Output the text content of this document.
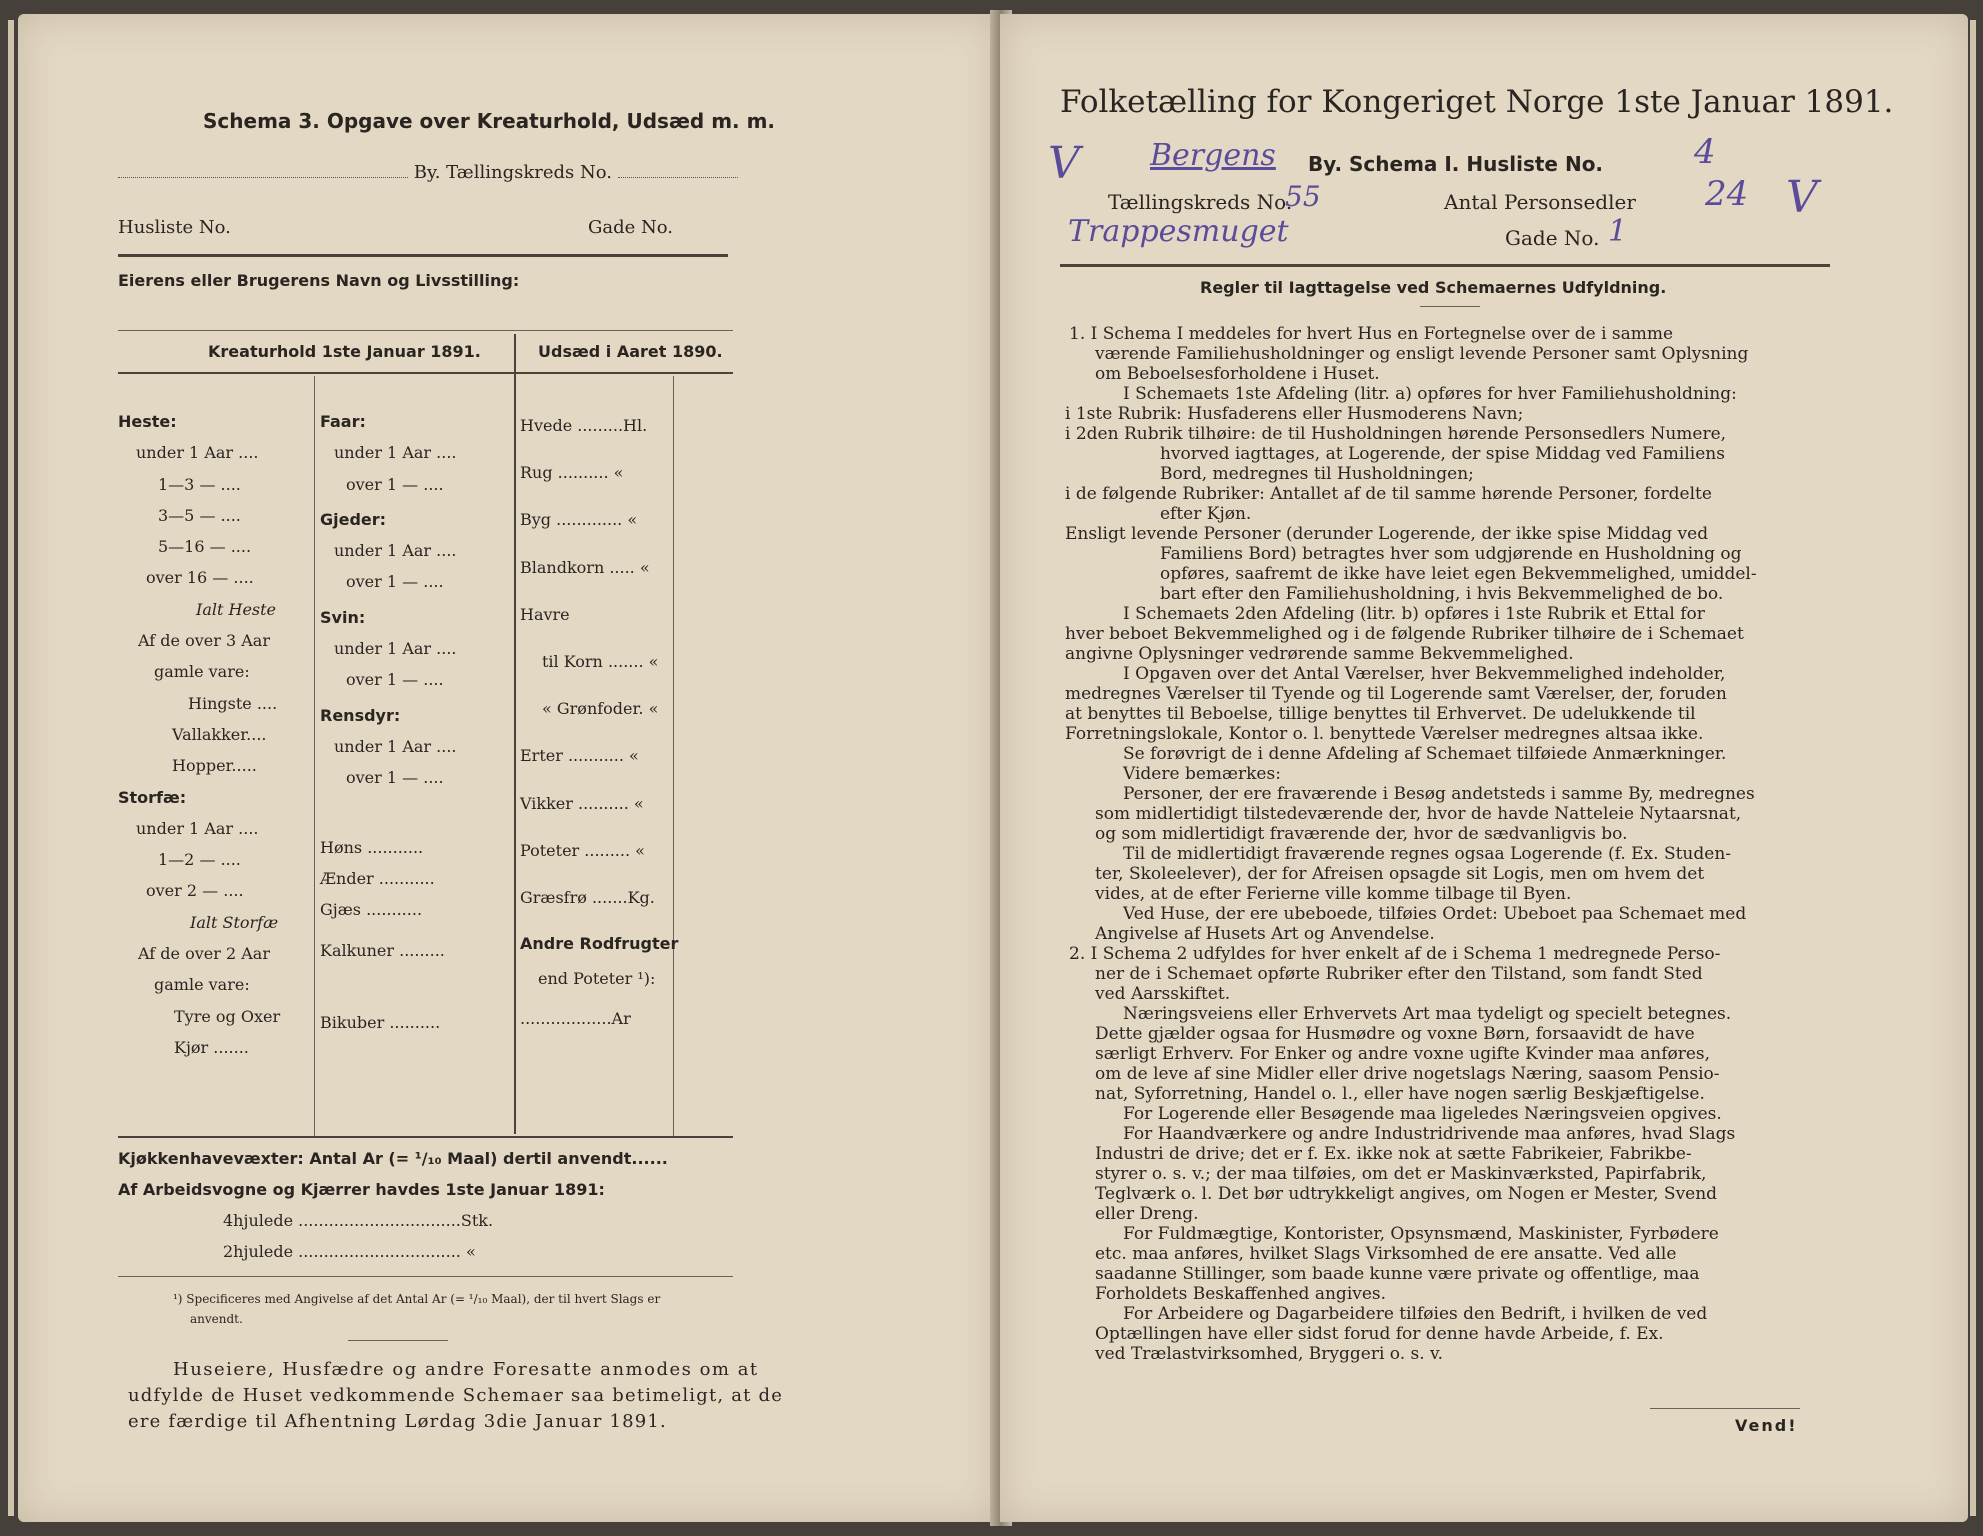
Schema 3. Opgave over Kreaturhold, Udsæd m. m.
By. Tællingskreds No.
Husliste No.	Gade No.
Eierens eller Brugerens Navn og Livsstilling:
Kreaturhold 1ste Januar 1891.	Udsæd i Aaret 1890.
Heste:
under 1 Aar ....
1—3 — ....
3—5 — ....
5—16 — ....
over 16 — ....
Ialt Heste
Af de over 3 Aar
gamle vare:
Hingste ....
Vallakker....
Hopper.....
Storfæ:
under 1 Aar ....
1—2 — ....
over 2 — ....
Ialt Storfæ
Af de over 2 Aar
gamle vare:
Tyre og Oxer
Kjør .......
Faar:
under 1 Aar ....
over 1 — ....
Gjeder:
under 1 Aar ....
over 1 — ....
Svin:
under 1 Aar ....
over 1 — ....
Rensdyr:
under 1 Aar ....
over 1 — ....
Høns ...........
Ænder ...........
Gjæs ...........
Kalkuner .........
Bikuber ..........
Hvede .........Hl.
Rug .......... «
Byg ............. «
Blandkorn ..... «
Havre
til Korn ....... «
« Grønfoder. «
Erter ........... «
Vikker .......... «
Poteter ......... «
Græsfrø .......Kg.
Andre Rodfrugter
end Poteter ¹):
..................Ar
Kjøkkenhavevæxter: Antal Ar (= ¹/₁₀ Maal) dertil anvendt......
Af Arbeidsvogne og Kjærrer havdes 1ste Januar 1891:
4hjulede ................................Stk.
2hjulede ................................ «
¹) Specificeres med Angivelse af det Antal Ar (= ¹/₁₀ Maal), der til hvert Slags er
anvendt.
Huseiere, Husfædre og andre Foresatte anmodes om at
udfylde de Huset vedkommende Schemaer saa betimeligt, at de
ere færdige til Afhentning Lørdag 3die Januar 1891.
Folketælling for Kongeriget Norge 1ste Januar 1891.
V Bergens By. Schema I. Husliste No.	4
Tællingskreds No.
55	Antal Personsedler 24 V
Trappesmuget	Gade No. 1
Regler til Iagttagelse ved Schemaernes Udfyldning.
1. I Schema I meddeles for hvert Hus en Fortegnelse over de i samme
værende Familiehusholdninger og ensligt levende Personer samt Oplysning
om Beboelsesforholdene i Huset.
I Schemaets 1ste Afdeling (litr. a) opføres for hver Familiehusholdning:
i 1ste Rubrik: Husfaderens eller Husmoderens Navn;
i 2den Rubrik tilhøire: de til Husholdningen hørende Personsedlers Numere,
hvorved iagttages, at Logerende, der spise Middag ved Familiens
Bord, medregnes til Husholdningen;
i de følgende Rubriker: Antallet af de til samme hørende Personer, fordelte
efter Kjøn.
Ensligt levende Personer (derunder Logerende, der ikke spise Middag ved
Familiens Bord) betragtes hver som udgjørende en Husholdning og
opføres, saafremt de ikke have leiet egen Bekvemmelighed, umiddel-
bart efter den Familiehusholdning, i hvis Bekvemmelighed de bo.
I Schemaets 2den Afdeling (litr. b) opføres i 1ste Rubrik et Ettal for
hver beboet Bekvemmelighed og i de følgende Rubriker tilhøire de i Schemaet
angivne Oplysninger vedrørende samme Bekvemmelighed.
I Opgaven over det Antal Værelser, hver Bekvemmelighed indeholder,
medregnes Værelser til Tyende og til Logerende samt Værelser, der, foruden
at benyttes til Beboelse, tillige benyttes til Erhvervet. De udelukkende til
Forretningslokale, Kontor o. l. benyttede Værelser medregnes altsaa ikke.
Se forøvrigt de i denne Afdeling af Schemaet tilføiede Anmærkninger.
Videre bemærkes:
Personer, der ere fraværende i Besøg andetsteds i samme By, medregnes
som midlertidigt tilstedeværende der, hvor de havde Natteleie Nytaarsnat,
og som midlertidigt fraværende der, hvor de sædvanligvis bo.
Til de midlertidigt fraværende regnes ogsaa Logerende (f. Ex. Studen-
ter, Skoleelever), der for Afreisen opsagde sit Logis, men om hvem det
vides, at de efter Ferierne ville komme tilbage til Byen.
Ved Huse, der ere ubeboede, tilføies Ordet: Ubeboet paa Schemaet med
Angivelse af Husets Art og Anvendelse.
2. I Schema 2 udfyldes for hver enkelt af de i Schema 1 medregnede Perso-
ner de i Schemaet opførte Rubriker efter den Tilstand, som fandt Sted
ved Aarsskiftet.
Næringsveiens eller Erhvervets Art maa tydeligt og specielt betegnes.
Dette gjælder ogsaa for Husmødre og voxne Børn, forsaavidt de have
særligt Erhverv. For Enker og andre voxne ugifte Kvinder maa anføres,
om de leve af sine Midler eller drive nogetslags Næring, saasom Pensio-
nat, Syforretning, Handel o. l., eller have nogen særlig Beskjæftigelse.
For Logerende eller Besøgende maa ligeledes Næringsveien opgives.
For Haandværkere og andre Industridrivende maa anføres, hvad Slags
Industri de drive; det er f. Ex. ikke nok at sætte Fabrikeier, Fabrikbe-
styrer o. s. v.; der maa tilføies, om det er Maskinværksted, Papirfabrik,
Teglværk o. l. Det bør udtrykkeligt angives, om Nogen er Mester, Svend
eller Dreng.
For Fuldmægtige, Kontorister, Opsynsmænd, Maskinister, Fyrbødere
etc. maa anføres, hvilket Slags Virksomhed de ere ansatte. Ved alle
saadanne Stillinger, som baade kunne være private og offentlige, maa
Forholdets Beskaffenhed angives.
For Arbeidere og Dagarbeidere tilføies den Bedrift, i hvilken de ved
Optællingen have eller sidst forud for denne havde Arbeide, f. Ex.
ved Trælastvirksomhed, Bryggeri o. s. v.
Vend!
